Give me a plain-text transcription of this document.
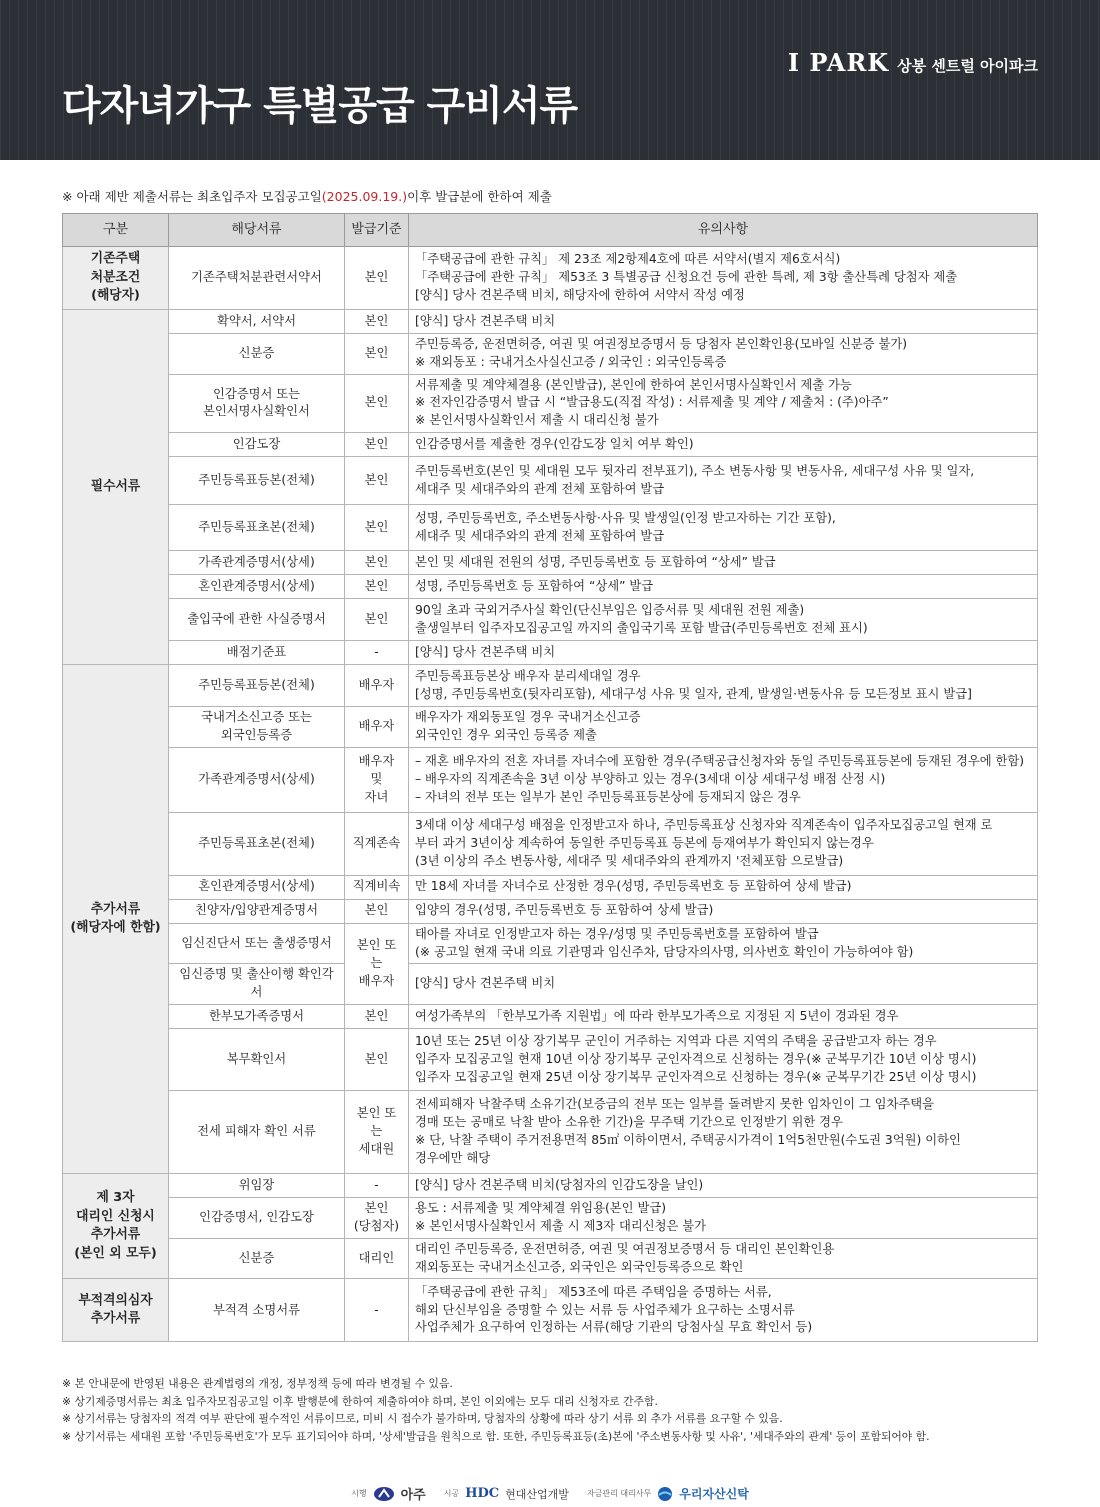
I PARK 상봉 센트럴 아이파크
다자녀가구 특별공급 구비서류
※ 아래 제반 제출서류는 최초입주자 모집공고일(2025.09.19.)이후 발급분에 한하여 제출
구분	해당서류	발급기준	유의사항
기존주택
처분조건
(해당자)	기존주택처분관련서약서	본인	「주택공급에 관한 규칙」 제 23조 제2항제4호에 따른 서약서(별지 제6호서식)
「주택공급에 관한 규칙」 제53조 3 특별공급 신청요건 등에 관한 특례, 제 3항 출산특례 당첨자 제출
[양식] 당사 견본주택 비치, 해당자에 한하여 서약서 작성 예정

필수서류	확약서, 서약서	본인	[양식] 당사 견본주택 비치

	신분증	본인	주민등록증, 운전면허증, 여권 및 여권정보증명서 등 당첨자 본인확인용(모바일 신분증 불가)
※ 재외동포 : 국내거소사실신고증 / 외국인 : 외국인등록증

	인감증명서 또는
본인서명사실확인서	본인	서류제출 및 계약체결용 (본인발급), 본인에 한하여 본인서명사실확인서 제출 가능
※ 전자인감증명서 발급 시 “발급용도(직접 작성) : 서류제출 및 계약 / 제출처 : (주)아주”
※ 본인서명사실확인서 제출 시 대리신청 불가

	인감도장	본인	인감증명서를 제출한 경우(인감도장 일치 여부 확인)

	주민등록표등본(전체)	본인	주민등록번호(본인 및 세대원 모두 뒷자리 전부표기), 주소 변동사항 및 변동사유, 세대구성 사유 및 일자,
세대주 및 세대주와의 관계 전체 포함하여 발급

	주민등록표초본(전체)	본인	성명, 주민등록번호, 주소변동사항·사유 및 발생일(인정 받고자하는 기간 포함),
세대주 및 세대주와의 관계 전체 포함하여 발급

	가족관계증명서(상세)	본인	본인 및 세대원 전원의 성명, 주민등록번호 등 포함하여 “상세” 발급

	혼인관계증명서(상세)	본인	성명, 주민등록번호 등 포함하여 “상세” 발급

	출입국에 관한 사실증명서	본인	90일 초과 국외거주사실 확인(단신부임은 입증서류 및 세대원 전원 제출)
출생일부터 입주자모집공고일 까지의 출입국기록 포함 발급(주민등록번호 전체 표시)

	배점기준표	-	[양식] 당사 견본주택 비치

추가서류
(해당자에 한함)	주민등록표등본(전체)	배우자	주민등록표등본상 배우자 분리세대일 경우
[성명, 주민등록번호(뒷자리포함), 세대구성 사유 및 일자, 관계, 발생일·변동사유 등 모든정보 표시 발급]

	국내거소신고증 또는
외국인등록증	배우자	배우자가 재외동포일 경우 국내거소신고증
외국인인 경우 외국인 등록증 제출

	가족관계증명서(상세)	배우자 및
자녀	– 재혼 배우자의 전혼 자녀를 자녀수에 포함한 경우(주택공급신청자와 동일 주민등록표등본에 등재된 경우에 한함)
– 배우자의 직계존속을 3년 이상 부양하고 있는 경우(3세대 이상 세대구성 배점 산정 시)
– 자녀의 전부 또는 일부가 본인 주민등록표등본상에 등재되지 않은 경우

	주민등록표초본(전체)	직계존속	3세대 이상 세대구성 배점을 인정받고자 하나, 주민등록표상 신청자와 직계존속이 입주자모집공고일 현재 로
부터 과거 3년이상 계속하여 동일한 주민등록표 등본에 등재여부가 확인되지 않는경우
(3년 이상의 주소 변동사항, 세대주 및 세대주와의 관계까지 '전체포함 으로발급)

	혼인관계증명서(상세)	직계비속	만 18세 자녀를 자녀수로 산정한 경우(성명, 주민등록번호 등 포함하여 상세 발급)

	친양자/입양관계증명서	본인	입양의 경우(성명, 주민등록번호 등 포함하여 상세 발급)

	임신진단서 또는 출생증명서	본인 또는
배우자	태아를 자녀로 인정받고자 하는 경우/성명 및 주민등록번호를 포함하여 발급
(※ 공고일 현재 국내 의료 기관명과 임신주차, 담당자의사명, 의사번호 확인이 가능하여야 함)

	임신증명 및 출산이행 확인각서		[양식] 당사 견본주택 비치

	한부모가족증명서	본인	여성가족부의 「한부모가족 지원법」에 따라 한부모가족으로 지정된 지 5년이 경과된 경우

	복무확인서	본인	10년 또는 25년 이상 장기복무 군인이 거주하는 지역과 다른 지역의 주택을 공급받고자 하는 경우
입주자 모집공고일 현재 10년 이상 장기복무 군인자격으로 신청하는 경우(※ 군복무기간 10년 이상 명시)
입주자 모집공고일 현재 25년 이상 장기복무 군인자격으로 신청하는 경우(※ 군복무기간 25년 이상 명시)

	전세 피해자 확인 서류	본인 또는
세대원	전세피해자 낙찰주택 소유기간(보증금의 전부 또는 일부를 돌려받지 못한 임차인이 그 임차주택을
경매 또는 공매로 낙찰 받아 소유한 기간)을 무주택 기간으로 인정받기 위한 경우
※ 단, 낙찰 주택이 주거전용면적 85㎡ 이하이면서, 주택공시가격이 1억5천만원(수도권 3억원) 이하인
경우에만 해당

제 3자
대리인 신청시
추가서류
(본인 외 모두)	위임장	-	[양식] 당사 견본주택 비치(당첨자의 인감도장을 날인)

	인감증명서, 인감도장	본인
(당첨자)	용도 : 서류제출 및 계약체결 위임용(본인 발급)
※ 본인서명사실확인서 제출 시 제3자 대리신청은 불가

	신분증	대리인	대리인 주민등록증, 운전면허증, 여권 및 여권정보증명서 등 대리인 본인확인용
재외동포는 국내거소신고증, 외국인은 외국인등록증으로 확인

부적격의심자
추가서류	부적격 소명서류	-	「주택공급에 관한 규칙」 제53조에 따른 주택임을 증명하는 서류,
해외 단신부임을 증명할 수 있는 서류 등 사업주체가 요구하는 소명서류
사업주체가 요구하여 인정하는 서류(해당 기관의 당첨사실 무효 확인서 등)
※ 본 안내문에 반영된 내용은 관계법령의 개정, 정부정책 등에 따라 변경될 수 있음.
※ 상기제증명서류는 최초 입주자모집공고일 이후 발행분에 한하여 제출하여야 하며, 본인 이외에는 모두 대리 신청자로 간주함.
※ 상기서류는 당첨자의 적격 여부 판단에 필수적인 서류이므로, 미비 시 접수가 불가하며, 당첨자의 상황에 따라 상기 서류 외 추가 서류를 요구할 수 있음.
※ 상기서류는 세대원 포함 '주민등록번호'가 모두 표기되어야 하며, '상세'발급을 원칙으로 함. 또한, 주민등록표등(초)본에 '주소변동사항 및 사유', '세대주와의 관계' 등이 포함되어야 함.
시행	아주 시공 HDC 현대산업개발 자금관리 대리사무 우리자산신탁
